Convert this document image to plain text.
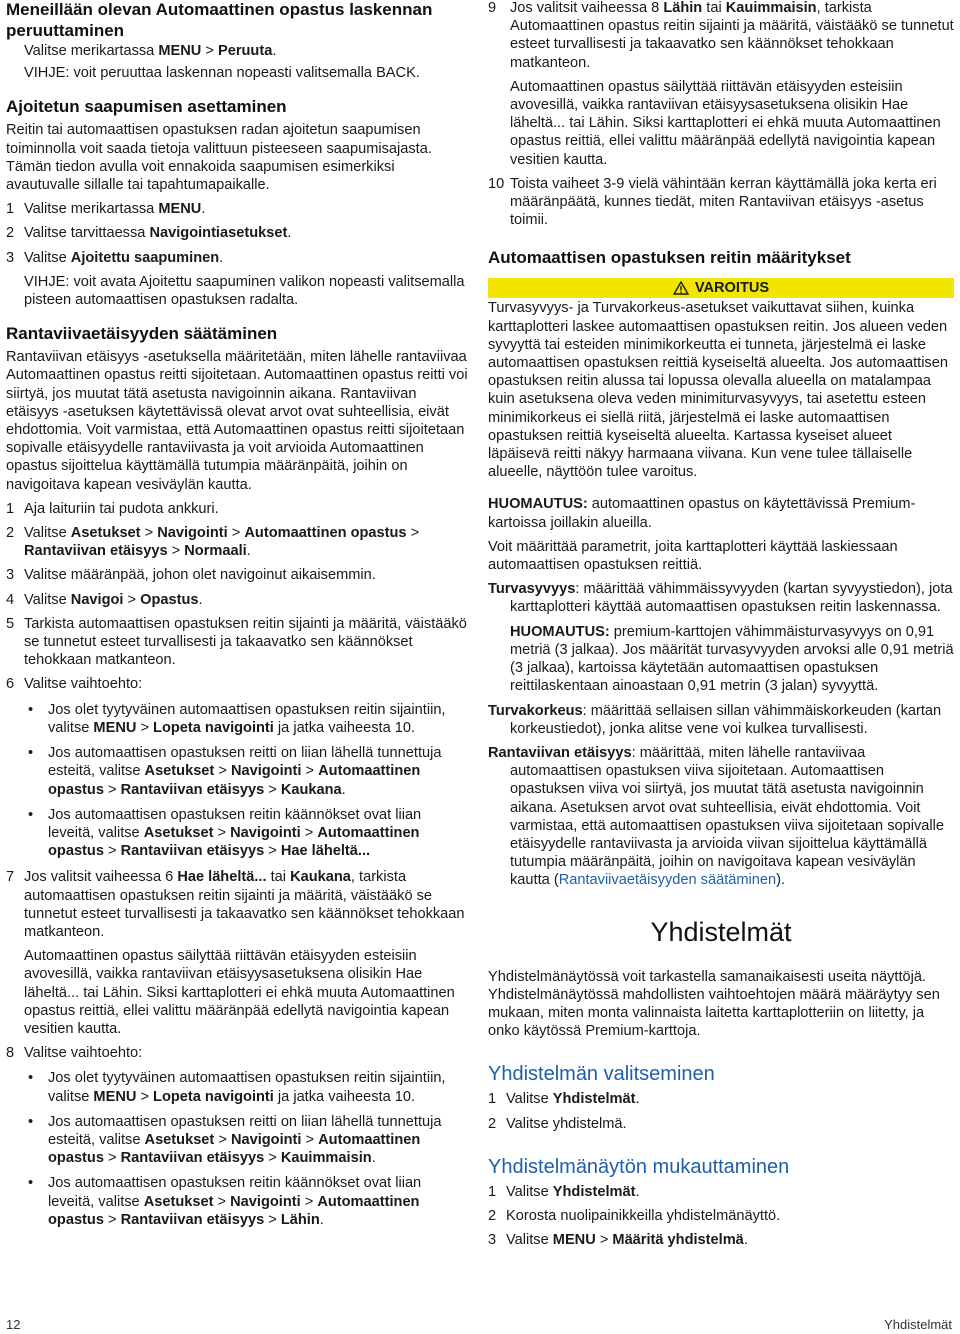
Meneillään olevan Automaattinen opastus laskennan peruuttaminen

Valitse merikartassa MENU > Peruuta.

VIHJE: voit peruuttaa laskennan nopeasti valitsemalla BACK.

Ajoitetun saapumisen asettaminen

Reitin tai automaattisen opastuksen radan ajoitetun saapumisen toiminnolla voit saada tietoja valittuun pisteeseen saapumisajasta. Tämän tiedon avulla voit ennakoida saapumisen esimerkiksi avautuvalle sillalle tai tapahtumapaikalle.

1 Valitse merikartassa MENU.
2 Valitse tarvittaessa Navigointiasetukset.
3 Valitse Ajoitettu saapuminen.

VIHJE: voit avata Ajoitettu saapuminen valikon nopeasti valitsemalla pisteen automaattisen opastuksen radalta.

Rantaviivaetäisyyden säätäminen

Rantaviivan etäisyys -asetuksella määritetään, miten lähelle rantaviivaa Automaattinen opastus reitti sijoitetaan. Automaattinen opastus reitti voi siirtyä, jos muutat tätä asetusta navigoinnin aikana. Rantaviivan etäisyys -asetuksen käytettävissä olevat arvot ovat suhteellisia, eivät ehdottomia. Voit varmistaa, että Automaattinen opastus reitti sijoitetaan sopivalle etäisyydelle rantaviivasta ja voit arvioida Automaattinen opastus sijoittelua käyttämällä tutumpia määränpäitä, joihin on navigoitava kapean vesiväylän kautta.

1 Aja laituriin tai pudota ankkuri.
2 Valitse Asetukset > Navigointi > Automaattinen opastus > Rantaviivan etäisyys > Normaali.
3 Valitse määränpää, johon olet navigoinut aikaisemmin.
4 Valitse Navigoi > Opastus.
5 Tarkista automaattisen opastuksen reitin sijainti ja määritä, väistääkö se tunnetut esteet turvallisesti ja takaavatko sen käännökset tehokkaan matkanteon.
6 Valitse vaihtoehto:
• Jos olet tyytyväinen automaattisen opastuksen reitin sijaintiin, valitse MENU > Lopeta navigointi ja jatka vaiheesta 10.
• Jos automaattisen opastuksen reitti on liian lähellä tunnettuja esteitä, valitse Asetukset > Navigointi > Automaattinen opastus > Rantaviivan etäisyys > Kaukana.
• Jos automaattisen opastuksen reitin käännökset ovat liian leveitä, valitse Asetukset > Navigointi > Automaattinen opastus > Rantaviivan etäisyys > Hae läheltä...
7 Jos valitsit vaiheessa 6 Hae läheltä... tai Kaukana, tarkista automaattisen opastuksen reitin sijainti ja määritä, väistääkö se tunnetut esteet turvallisesti ja takaavatko sen käännökset tehokkaan matkanteon.

Automaattinen opastus säilyttää riittävän etäisyyden esteisiin avovesillä, vaikka rantaviivan etäisyysasetuksena olisikin Hae läheltä... tai Lähin. Siksi karttaplotteri ei ehkä muuta Automaattinen opastus reittiä, ellei valittu määränpää edellytä navigointia kapean vesitien kautta.

8 Valitse vaihtoehto:
• Jos olet tyytyväinen automaattisen opastuksen reitin sijaintiin, valitse MENU > Lopeta navigointi ja jatka vaiheesta 10.
• Jos automaattisen opastuksen reitti on liian lähellä tunnettuja esteitä, valitse Asetukset > Navigointi > Automaattinen opastus > Rantaviivan etäisyys > Kauimmaisin.
• Jos automaattisen opastuksen reitin käännökset ovat liian leveitä, valitse Asetukset > Navigointi > Automaattinen opastus > Rantaviivan etäisyys > Lähin.
9 Jos valitsit vaiheessa 8 Lähin tai Kauimmaisin, tarkista Automaattinen opastus reitin sijainti ja määritä, väistääkö se tunnetut esteet turvallisesti ja takaavatko sen käännökset tehokkaan matkanteon.

Automaattinen opastus säilyttää riittävän etäisyyden esteisiin avovesillä, vaikka rantaviivan etäisyysasetuksena olisikin Hae läheltä... tai Lähin. Siksi karttaplotteri ei ehkä muuta Automaattinen opastus reittiä, ellei valittu määränpää edellytä navigointia kapean vesitien kautta.

10 Toista vaiheet 3-9 vielä vähintään kerran käyttämällä joka kerta eri määränpäätä, kunnes tiedät, miten Rantaviivan etäisyys -asetus toimii.
Automaattisen opastuksen reitin määritykset
VAROITUS

Turvasyvyys- ja Turvakorkeus-asetukset vaikuttavat siihen, kuinka karttaplotteri laskee automaattisen opastuksen reitin. Jos alueen veden syvyyttä tai esteiden minimikorkeutta ei tunneta, järjestelmä ei laske automaattisen opastuksen reittiä kyseiseltä alueelta. Jos automaattisen opastuksen reitin alussa tai lopussa olevalla alueella on matalampaa kuin asetuksena oleva veden minimiturvasyvyys, tai asetettu esteen minimikorkeus ei siellä riitä, järjestelmä ei laske automaattisen opastuksen reittiä kyseiseltä alueelta. Kartassa kyseiset alueet läpäisevä reitti näkyy harmaana viivana. Kun vene tulee tällaiselle alueelle, näyttöön tulee varoitus.

HUOMAUTUS: automaattinen opastus on käytettävissä Premium-kartoissa joillakin alueilla.

Voit määrittää parametrit, joita karttaplotteri käyttää laskiessaan automaattisen opastuksen reittiä.

Turvasyvyys: määrittää vähimmäissyvyyden (kartan syvyystiedon), jota karttaplotteri käyttää automaattisen opastuksen reitin laskennassa.

HUOMAUTUS: premium-karttojen vähimmäisturvasyvyys on 0,91 metriä (3 jalkaa). Jos määrität turvasyvyyden arvoksi alle 0,91 metriä (3 jalkaa), kartoissa käytetään automaattisen opastuksen reittilaskentaan ainoastaan 0,91 metrin (3 jalan) syvyyttä.

Turvakorkeus: määrittää sellaisen sillan vähimmäiskorkeuden (kartan korkeustiedot), jonka alitse vene voi kulkea turvallisesti.

Rantaviivan etäisyys: määrittää, miten lähelle rantaviivaa automaattisen opastuksen viiva sijoitetaan. Automaattisen opastuksen viiva voi siirtyä, jos muutat tätä asetusta navigoinnin aikana. Asetuksen arvot ovat suhteellisia, eivät ehdottomia. Voit varmistaa, että automaattisen opastuksen viiva sijoitetaan sopivalle etäisyydelle rantaviivasta ja arvioida viivan sijoittelua käyttämällä tutumpia määränpäitä, joihin on navigoitava kapean vesiväylän kautta (Rantaviivaetäisyyden säätäminen).

Yhdistelmät

Yhdistelmänäytössä voit tarkastella samanaikaisesti useita näyttöjä. Yhdistelmänäytössä mahdollisten vaihtoehtojen määrä määräytyy sen mukaan, miten monta valinnaista laitetta karttaplotteriin on liitetty, ja onko käytössä Premium-karttoja.

Yhdistelmän valitseminen
1 Valitse Yhdistelmät.
2 Valitse yhdistelmä.
Yhdistelmänäytön mukauttaminen
1 Valitse Yhdistelmät.
2 Korosta nuolipainikkeilla yhdistelmänäyttö.
3 Valitse MENU > Määritä yhdistelmä.
12	Yhdistelmät
